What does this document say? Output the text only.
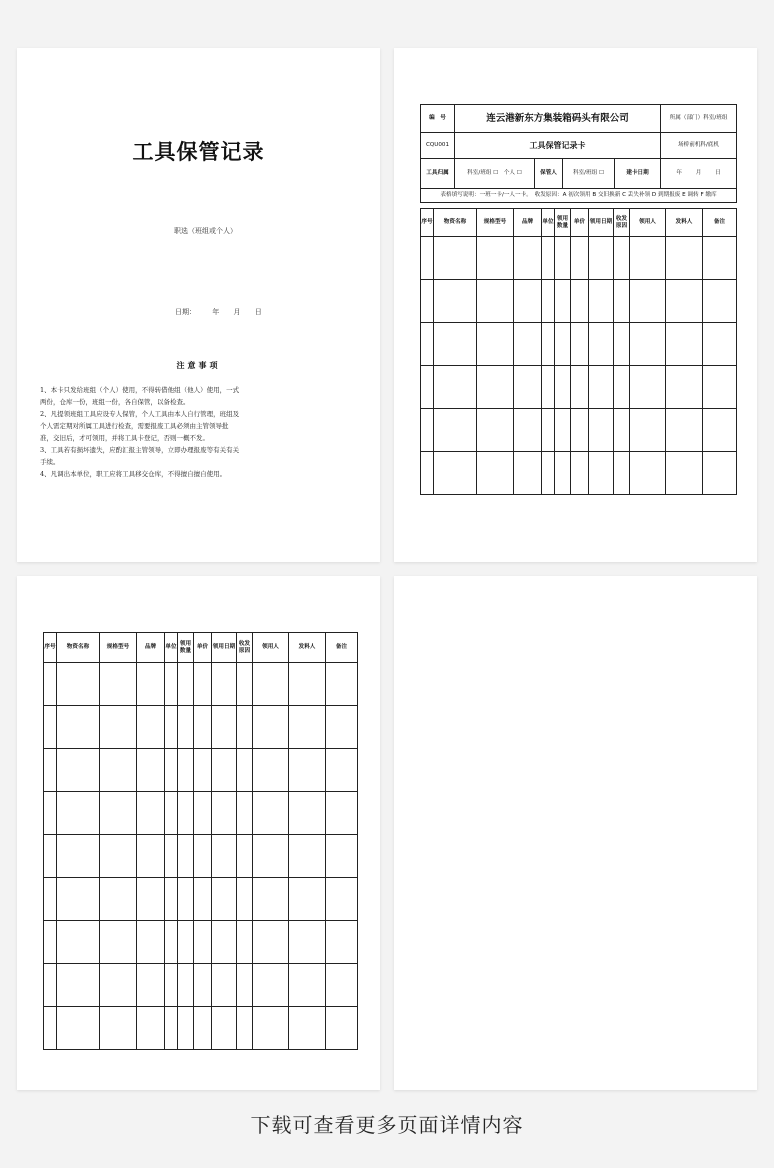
工具保管记录
职选（班组或个人）
日期： 年 月 日
注意事项
1、本卡只发给班组（个人）使用，不得转借他组（他人）使用，一式两份，仓库一份，班组一份，各自保管，以备检查。
2、凡提领班组工具应设专人保管，个人工具由本人自行管理，班组及个人需定期对所属工具进行检查，需要报废工具必须由主管领导批准，交旧后，才可领用，并将工具卡登记，否则一概不发。
3、工具若有损坏遗失，应酌汇报主管领导，立即办理报废等有关有关手续。
4、凡调出本单位，职工应将工具移交仓库，不得擅自擅自使用。
编　号	连云港新东方集装箱码头有限公司				所属（部门）科室/班组
CQU001	工具保管记录卡				场桥前机科/底机
工具归属	科室/班组 ☐　个人 ☐	保管人	科室/班组 ☐	建卡日期	年 月 日
表格填写说明：一班一卡/一人一卡。　收发原因：A 初次领用 B 交旧换新 C 丢失补领 D 到期报废 E 调转 F 缴库					
序号	物资名称	规格型号	品牌	单位	领用数量	单价	领用日期	收发原因	领用人	发料人	备注

序号	物资名称	规格型号	品牌	单位	领用数量	单价	领用日期	收发原因	领用人	发料人	备注

下载可查看更多页面详情内容
